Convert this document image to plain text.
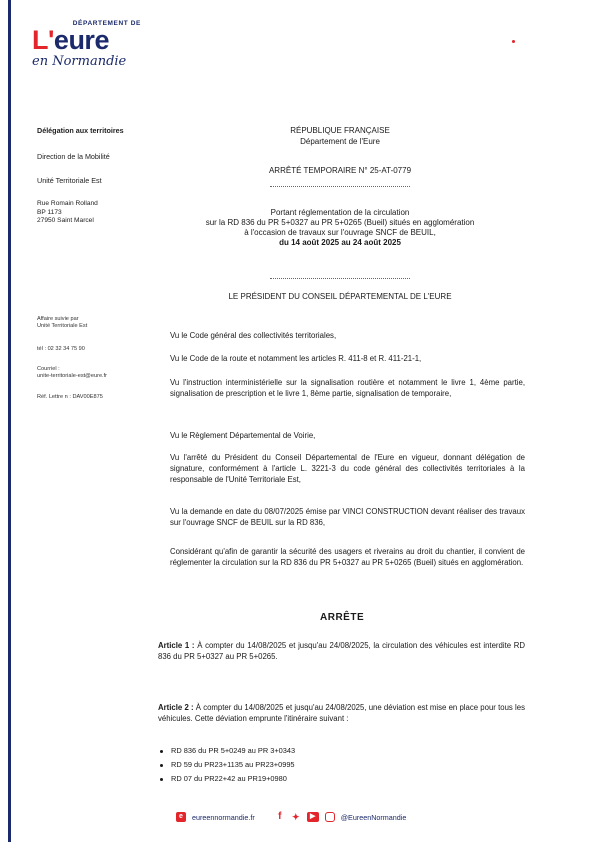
DÉPARTEMENT DE
L'eure
en Normandie
Délégation aux territoires
Direction de la Mobilité
Unité Territoriale Est
Rue Romain Rolland
BP 1173
27950 Saint Marcel
Affaire suivie par
Unité Territoriale Est
tél : 02 32 34 75 90
Courriel :
unite-territoriale-est@eure.fr
Réf. Lettre n : DAV00E875
RÉPUBLIQUE FRANÇAISE
Département de l'Eure
ARRÊTÉ TEMPORAIRE N° 25-AT-0779
Portant réglementation de la circulation
sur la RD 836 du PR 5+0327 au PR 5+0265 (Bueil) situés en agglomération
à l'occasion de travaux sur l'ouvrage SNCF de BEUIL,
du 14 août 2025 au 24 août 2025
LE PRÉSIDENT DU CONSEIL DÉPARTEMENTAL DE L'EURE
Vu le Code général des collectivités territoriales,
Vu le Code de la route et notamment les articles R. 411-8 et R. 411-21-1,
Vu l'instruction interministérielle sur la signalisation routière et notamment le livre 1, 4ème partie, signalisation de prescription et le livre 1, 8ème partie, signalisation de temporaire,
Vu le Règlement Départemental de Voirie,
Vu l'arrêté du Président du Conseil Départemental de l'Eure en vigueur, donnant délégation de signature, conformément à l'article L. 3221-3 du code général des collectivités territoriales à la responsable de l'Unité Territoriale Est,
Vu la demande en date du 08/07/2025 émise par VINCI CONSTRUCTION devant réaliser des travaux sur l'ouvrage SNCF de BEUIL sur la RD 836,
Considérant qu'afin de garantir la sécurité des usagers et riverains au droit du chantier, il convient de réglementer la circulation sur la RD 836 du PR 5+0327 au PR 5+0265 (Bueil) situés en agglomération.
ARRÊTE
Article 1 : À compter du 14/08/2025 et jusqu'au 24/08/2025, la circulation des véhicules est interdite RD 836 du PR 5+0327 au PR 5+0265.
Article 2 : À compter du 14/08/2025 et jusqu'au 24/08/2025, une déviation est mise en place pour tous les véhicules. Cette déviation emprunte l'itinéraire suivant :
RD 836 du PR 5+0249 au PR 3+0343
RD 59 du PR23+1135 au PR23+0995
RD 07 du PR22+42 au PR19+0980
e	eureennormandie.fr	f	✦	▶	@EureenNormandie
